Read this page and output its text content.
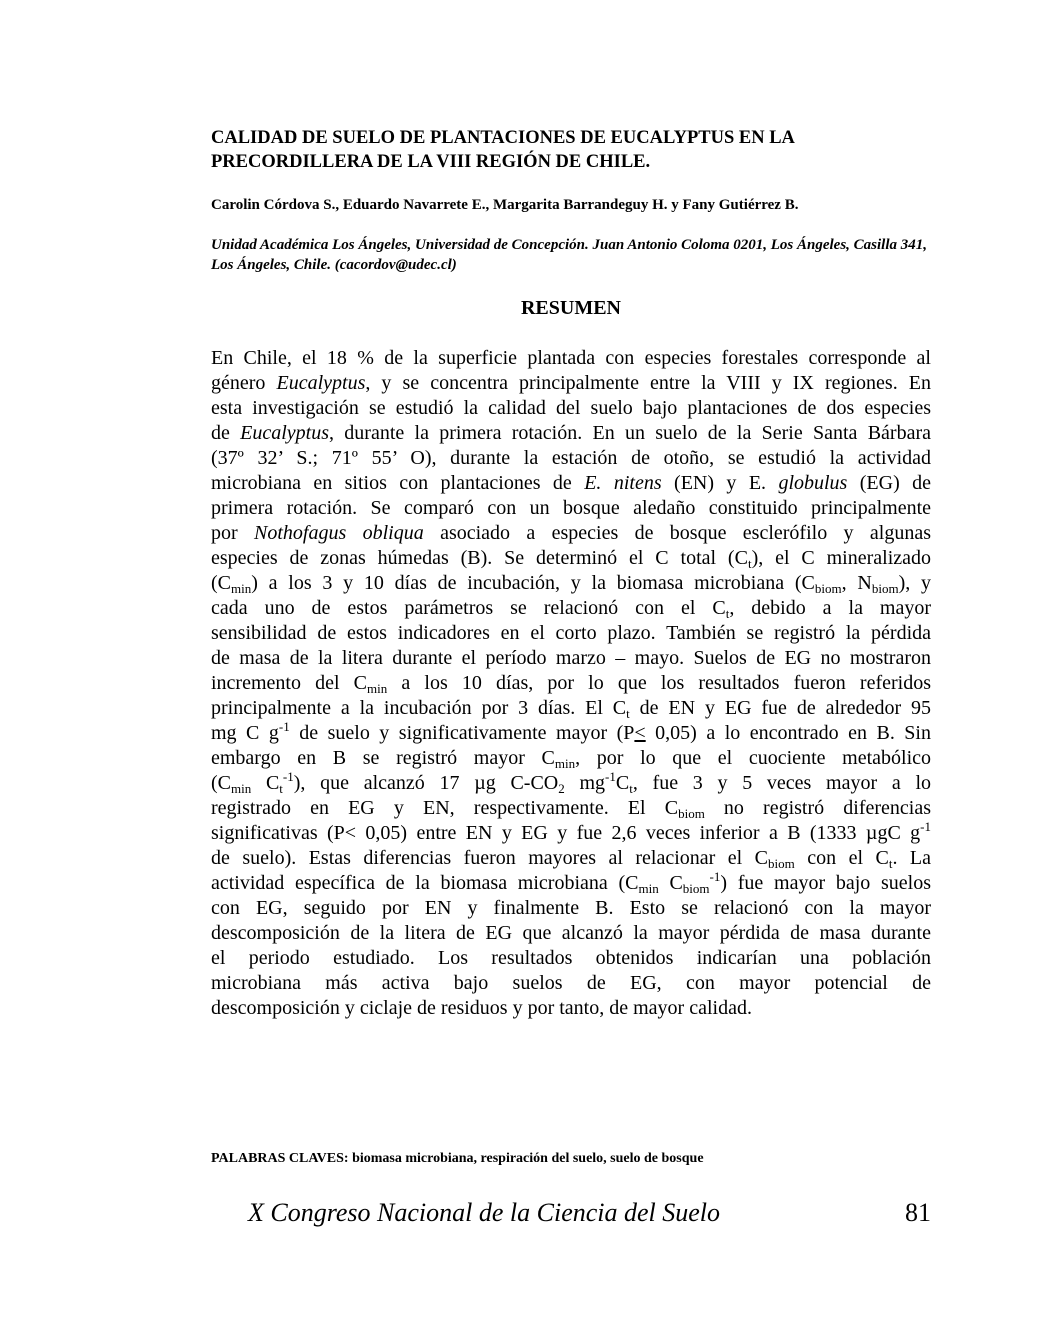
CALIDAD DE SUELO DE PLANTACIONES DE EUCALYPTUS EN LA PRECORDILLERA DE LA VIII REGIÓN DE CHILE.

Carolin Córdova S., Eduardo Navarrete E., Margarita Barrandeguy H. y Fany Gutiérrez B.

Unidad Académica Los Ángeles, Universidad de Concepción. Juan Antonio Coloma 0201, Los Ángeles, Casilla 341, Los Ángeles, Chile. (cacordov@udec.cl)

RESUMEN
En Chile, el 18 % de la superficie plantada con especies forestales corresponde al
género Eucalyptus, y se concentra principalmente entre la VIII y IX regiones. En
esta investigación se estudió la calidad del suelo bajo plantaciones de dos especies
de Eucalyptus, durante la primera rotación. En un suelo de la Serie Santa Bárbara
(37º 32’ S.; 71º 55’ O), durante la estación de otoño, se estudió la actividad
microbiana en sitios con plantaciones de E. nitens (EN) y E. globulus (EG) de
primera rotación. Se comparó con un bosque aledaño constituido principalmente
por Nothofagus obliqua asociado a especies de bosque esclerófilo y algunas
especies de zonas húmedas (B). Se determinó el C total $(C_t)$, el C mineralizado
$(C_{min})$ a los 3 y 10 días de incubación, y la biomasa microbiana ($C_{biom}$, $N_{biom}$), y
cada uno de estos parámetros se relacionó con el $C_t$, debido a la mayor
sensibilidad de estos indicadores en el corto plazo. También se registró la pérdida
de masa de la litera durante el período marzo – mayo. Suelos de EG no mostraron
incremento del $C_{min}$ a los 10 días, por lo que los resultados fueron referidos
principalmente a la incubación por 3 días. El $C_t$ de EN y EG fue de alrededor 95
mg C $g^{-1}$ de suelo y significativamente mayor (P< 0,05) a lo encontrado en B. Sin
embargo en B se registró mayor $C_{min}$, por lo que el cuociente metabólico
($C_{min}$ $C_t^{-1}$), que alcanzó 17 µg $C-CO_2$ $mg^{-1}C_t$, fue 3 y 5 veces mayor a lo
registrado en EG y EN, respectivamente. El $C_{biom}$ no registró diferencias
significativas (P< 0,05) entre EN y EG y fue 2,6 veces inferior a B (1333 µgC $g^{-1}$
de suelo). Estas diferencias fueron mayores al relacionar el $C_{biom}$ con el $C_t$. La
actividad específica de la biomasa microbiana ($C_{min}$ $C_{biom}^{-1}$) fue mayor bajo suelos
con EG, seguido por EN y finalmente B. Esto se relacionó con la mayor
descomposición de la litera de EG que alcanzó la mayor pérdida de masa durante
el periodo estudiado. Los resultados obtenidos indicarían una población
microbiana más activa bajo suelos de EG, con mayor potencial de
descomposición y ciclaje de residuos y por tanto, de mayor calidad.

PALABRAS CLAVES: biomasa microbiana, respiración del suelo, suelo de bosque

X Congreso Nacional de la Ciencia del Suelo	81
